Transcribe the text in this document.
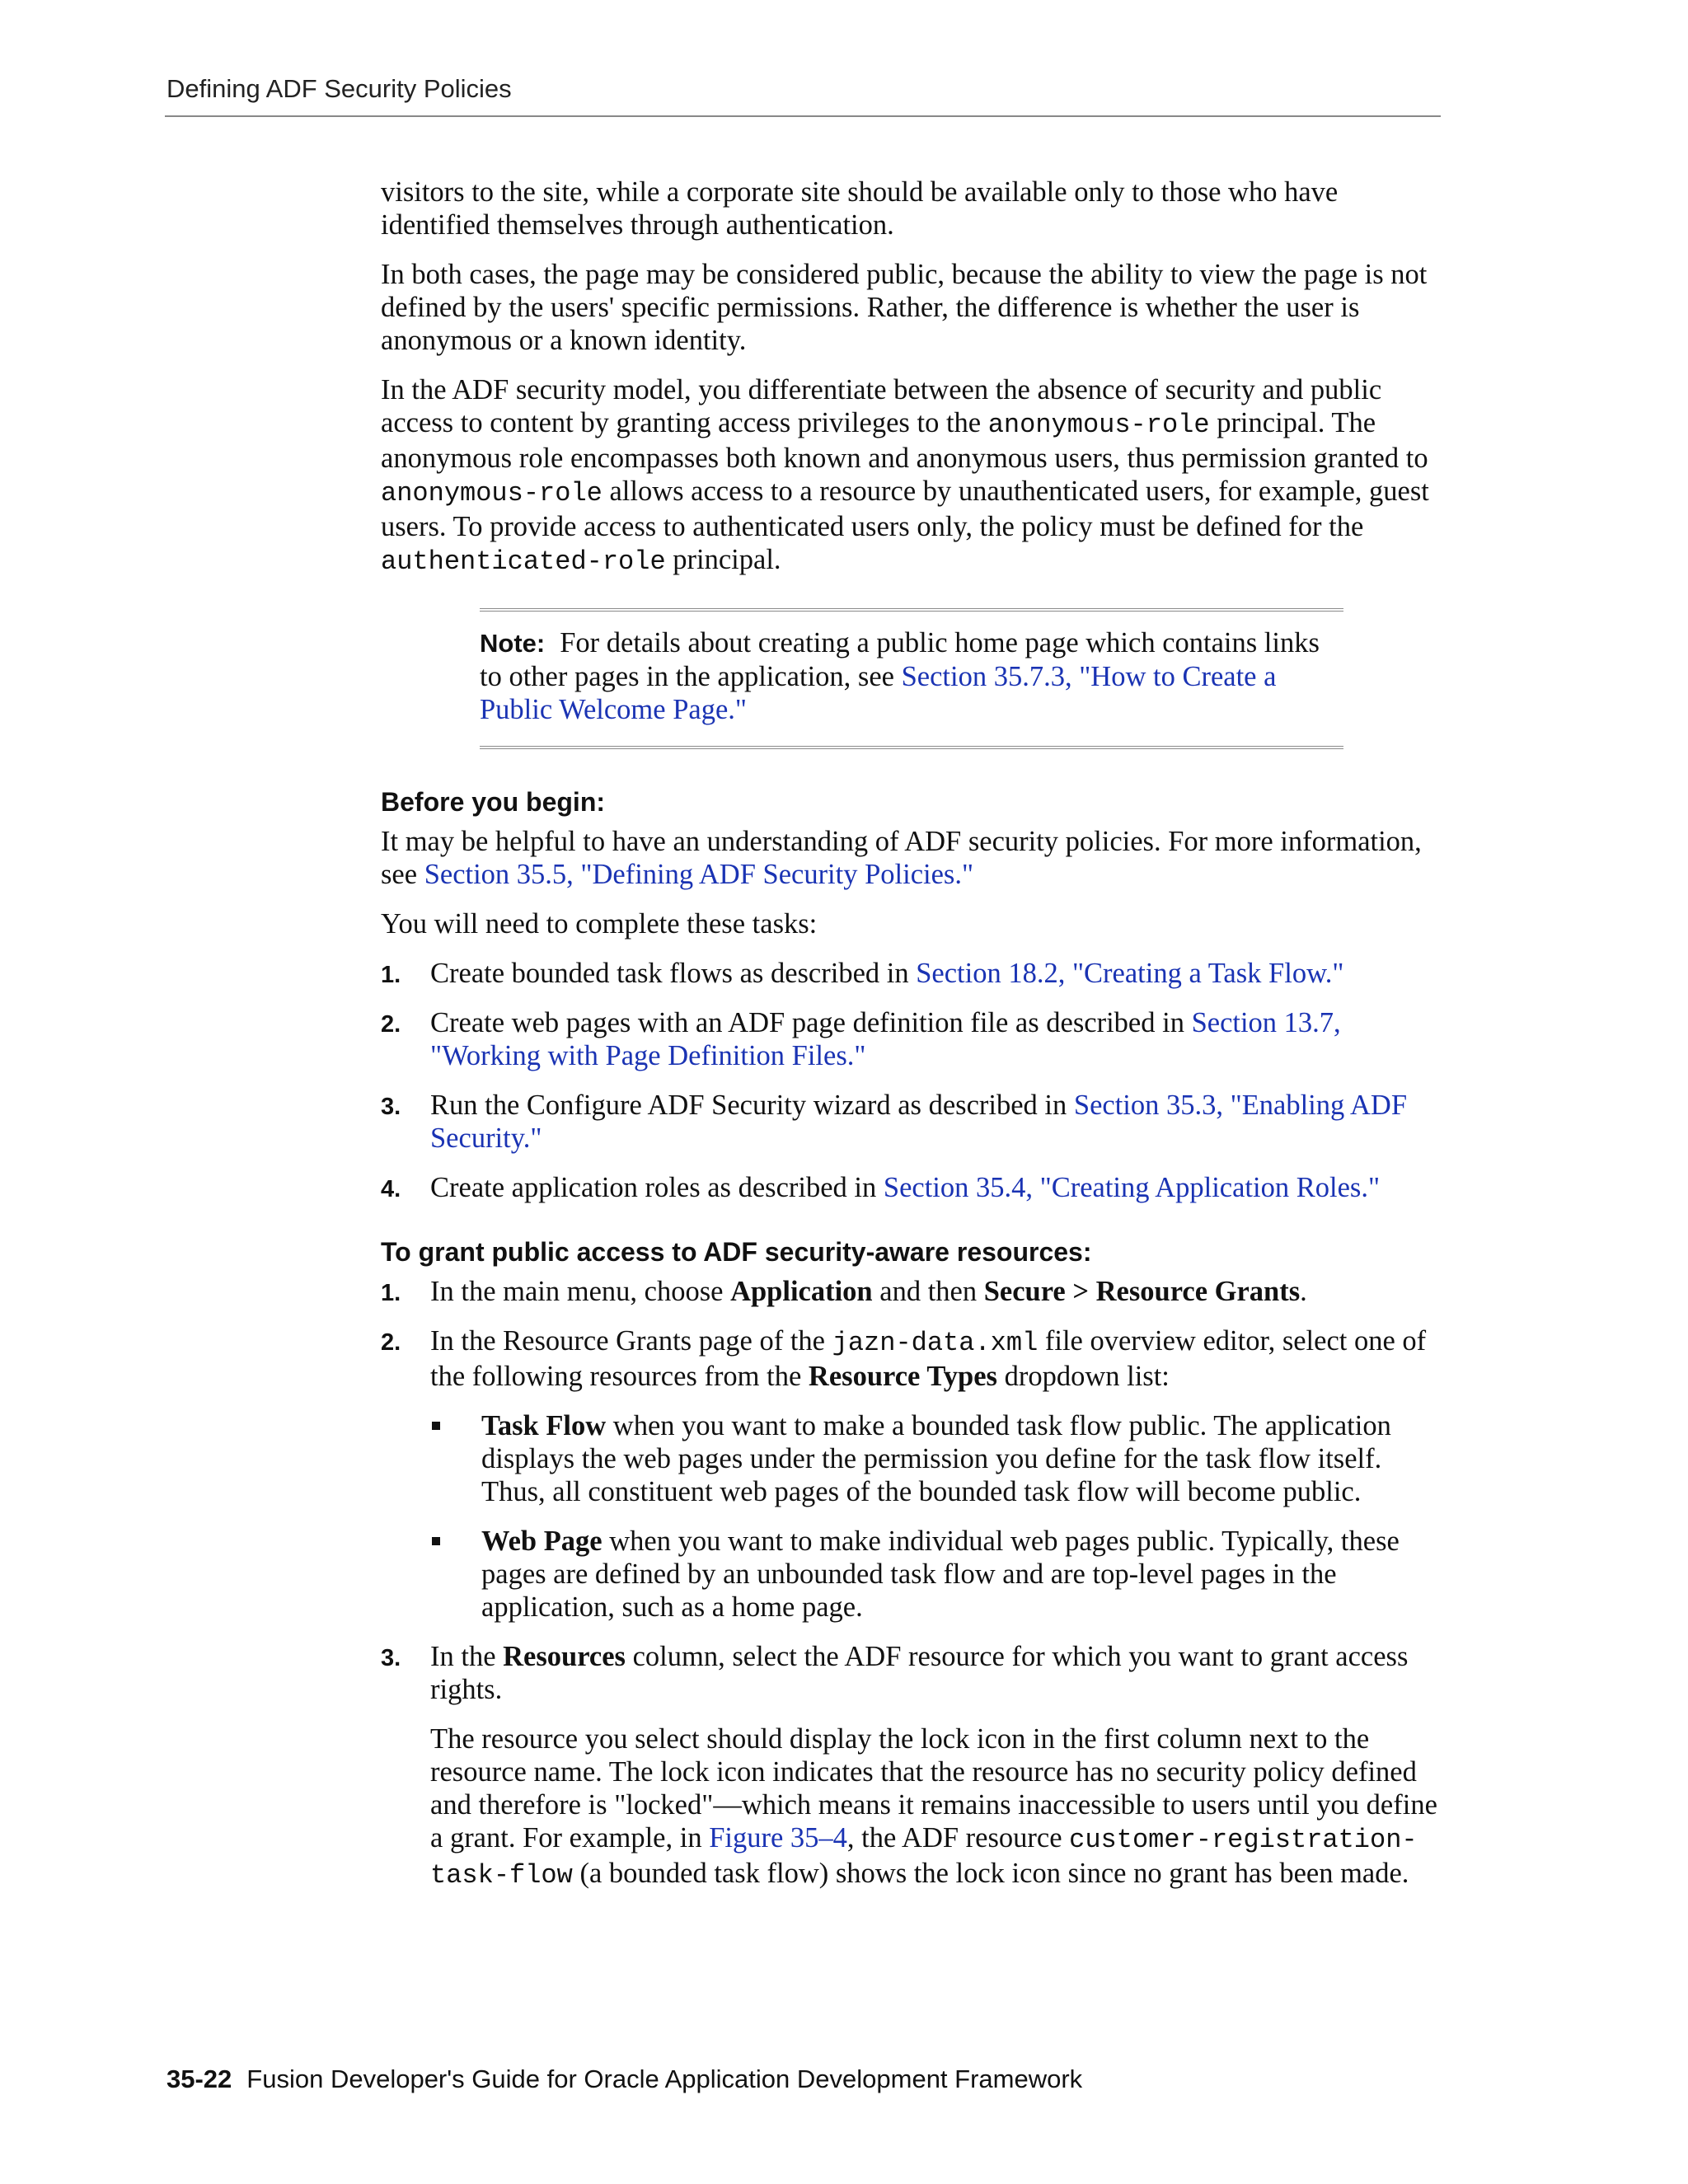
Defining ADF Security Policies

visitors to the site, while a corporate site should be available only to those who have identified themselves through authentication.

In both cases, the page may be considered public, because the ability to view the page is not defined by the users' specific permissions. Rather, the difference is whether the user is anonymous or a known identity.

In the ADF security model, you differentiate between the absence of security and public access to content by granting access privileges to the anonymous-role principal. The anonymous role encompasses both known and anonymous users, thus permission granted to anonymous-role allows access to a resource by unauthenticated users, for example, guest users. To provide access to authenticated users only, the policy must be defined for the authenticated-role principal.

Note: For details about creating a public home page which contains links to other pages in the application, see Section 35.7.3, "How to Create a Public Welcome Page."
Before you begin:

It may be helpful to have an understanding of ADF security policies. For more information, see Section 35.5, "Defining ADF Security Policies."

You will need to complete these tasks:

1. Create bounded task flows as described in Section 18.2, "Creating a Task Flow."
2. Create web pages with an ADF page definition file as described in Section 13.7, "Working with Page Definition Files."
3. Run the Configure ADF Security wizard as described in Section 35.3, "Enabling ADF Security."
4. Create application roles as described in Section 35.4, "Creating Application Roles."
To grant public access to ADF security-aware resources:
1. In the main menu, choose Application and then Secure > Resource Grants.
2. In the Resource Grants page of the jazn-data.xml file overview editor, select one of the following resources from the Resource Types dropdown list:
Task Flow when you want to make a bounded task flow public. The application displays the web pages under the permission you define for the task flow itself. Thus, all constituent web pages of the bounded task flow will become public.
Web Page when you want to make individual web pages public. Typically, these pages are defined by an unbounded task flow and are top-level pages in the application, such as a home page.
3. In the Resources column, select the ADF resource for which you want to grant access rights.

The resource you select should display the lock icon in the first column next to the resource name. The lock icon indicates that the resource has no security policy defined and therefore is "locked"—which means it remains inaccessible to users until you define a grant. For example, in Figure 35–4, the ADF resource customer-registration-task-flow (a bounded task flow) shows the lock icon since no grant has been made.

35-22 Fusion Developer's Guide for Oracle Application Development Framework
